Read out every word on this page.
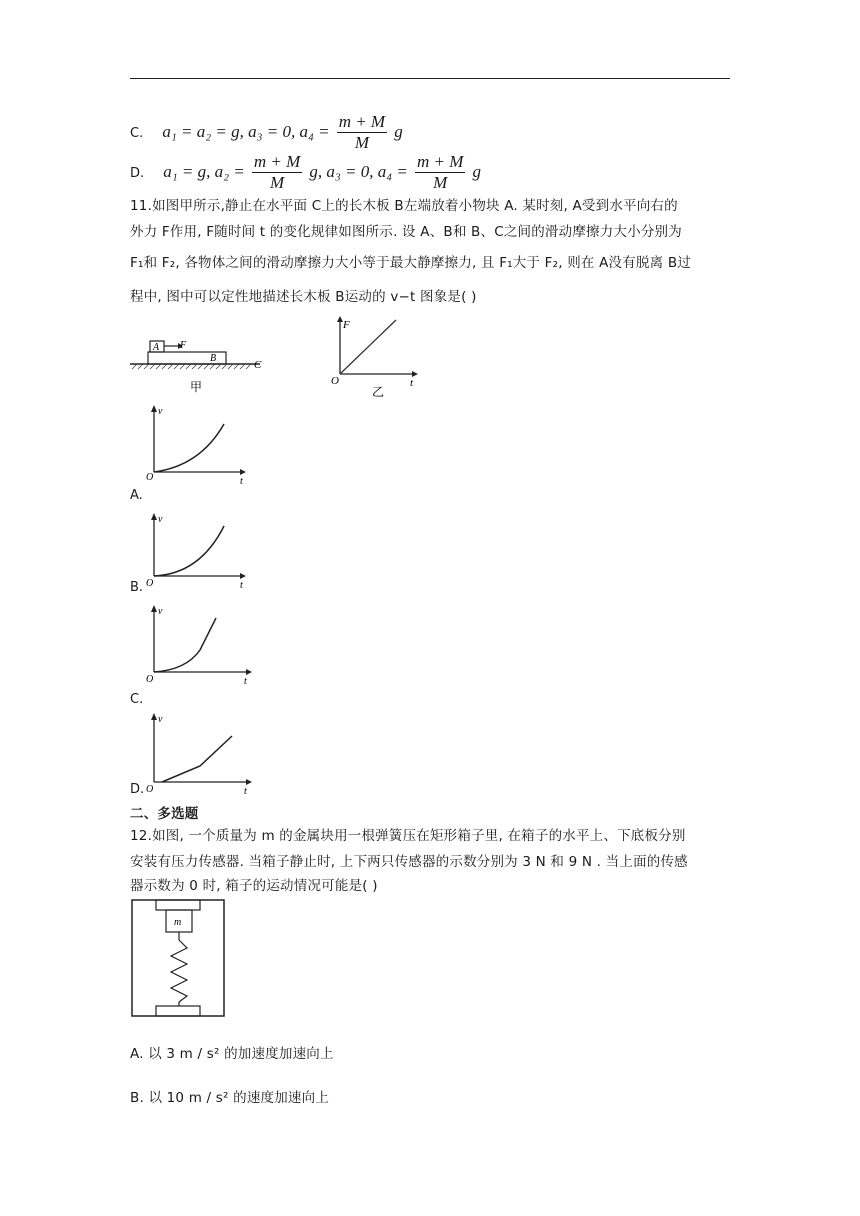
C. a₁ = a₂ = g, a₃ = 0, $a_4 = \frac{m + M}{M}$ g
D. a₁ = g, $a_2 = \frac{m + M}{M} g$, a₃ = 0, $a_4 = \frac{m + M}{M}$ g
11.如图甲所示,静止在水平面 C上的长木板 B左端放着小物块 A. 某时刻, A受到水平向右的
外力 F作用, F随时间 t 的变化规律如图所示. 设 A、B和 B、C之间的滑动摩擦力大小分别为
F₁和 F₂, 各物体之间的滑动摩擦力大小等于最大静摩擦力, 且 F₁大于 F₂, 则在 A没有脱离 B过
程中, 图中可以定性地描述长木板 B运动的 v−t 图象是( )
A F
B
C
甲
F
O	t
乙
v
O	t
A.
v
O	t
B.
v
O	t
C.
v
O	t
D.
二、多选题
12.如图, 一个质量为 m 的金属块用一根弹簧压在矩形箱子里, 在箱子的水平上、下底板分别
安装有压力传感器. 当箱子静止时, 上下两只传感器的示数分别为 3 N 和 9 N . 当上面的传感
器示数为 0 时, 箱子的运动情况可能是( )
m
A. 以 3 m / s² 的加速度加速向上
B. 以 10 m / s² 的速度加速向上
